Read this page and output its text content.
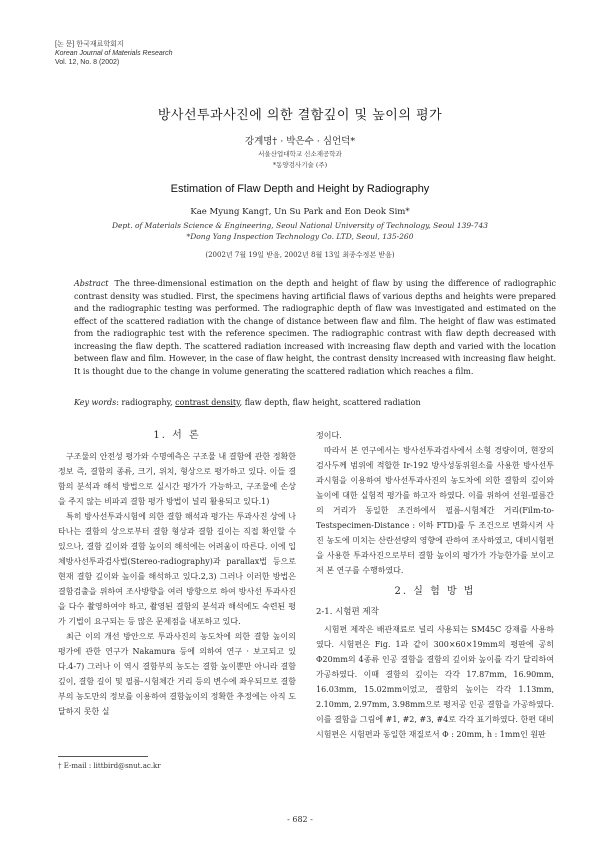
[논 문] 한국재료학회지
Korean Journal of Materials Research
Vol. 12, No. 8 (2002)
방사선투과사진에 의한 결함깊이 및 높이의 평가
강계명† · 박은수 · 심언덕*
서울산업대학교 신소재공학과
*동양검사기술 (주)
Estimation of Flaw Depth and Height by Radiography
Kae Myung Kang†, Un Su Park and Eon Deok Sim*
Dept. of Materials Science & Engineering, Seoul National University of Technology, Seoul 139-743
*Dong Yang Inspection Technology Co. LTD, Seoul, 135-260
(2002년 7월 19일 받음, 2002년 8월 13일 최종수정본 받음)
Abstract The three-dimensional estimation on the depth and height of flaw by using the difference of radiographic contrast density was studied. First, the specimens having artificial flaws of various depths and heights were prepared and the radiographic testing was performed. The radiographic depth of flaw was investigated and estimated on the effect of the scattered radiation with the change of distance between flaw and film. The height of flaw was estimated from the radiographic test with the reference specimen. The radiographic contrast with flaw depth decreased with increasing the flaw depth. The scattered radiation increased with increasing flaw depth and varied with the location between flaw and film. However, in the case of flaw height, the contrast density increased with increasing flaw height. It is thought due to the change in volume generating the scattered radiation which reaches a film.
Key words: radiography, contrast density, flaw depth, flaw height, scattered radiation
1. 서 론

구조물의 안전성 평가와 수명예측은 구조물 내 결함에 관한 정확한 정보 즉, 결함의 종류, 크기, 위치, 형상으로 평가하고 있다. 이들 결함의 분석과 해석 방법으로 실시간 평가가 가능하고, 구조물에 손상을 주지 않는 비파괴 결함 평가 방법이 널리 활용되고 있다.1)

특히 방사선투과시험에 의한 결함 해석과 평가는 투과사진 상에 나타나는 결함의 상으로부터 결함 형상과 결함 길이는 직접 확인할 수 있으나, 결함 깊이와 결함 높이의 해석에는 어려움이 따른다. 이에 입체방사선투과검사법(Stereo-radiography)과 parallax법 등으로 현재 결함 깊이와 높이를 해석하고 있다.2,3) 그러나 이러한 방법은 결함검출을 위하여 조사방향을 여러 방향으로 하여 방사선 투과사진을 다수 촬영하여야 하고, 촬영된 결함의 분석과 해석에도 숙련된 평가 기법이 요구되는 등 많은 문제점을 내포하고 있다.

최근 이의 개선 방안으로 투과사진의 농도차에 의한 결함 높이의 평가에 관한 연구가 Nakamura 등에 의하여 연구 · 보고되고 있다.4-7) 그러나 이 역시 결함부의 농도는 결함 높이뿐만 아니라 결함 깊이, 결함 길이 및 필름-시험체간 거리 등의 변수에 좌우되므로 결함부의 농도만의 정보를 이용하여 결함높이의 정확한 추정에는 아직 도달하지 못한 실

정이다.

따라서 본 연구에서는 방사선투과검사에서 소형 경량이며, 현장의 검사두께 범위에 적합한 Ir-192 방사성동위원소를 사용한 방사선투과시험을 이용하여 방사선투과사진의 농도차에 의한 결함의 깊이와 높이에 대한 실험적 평가를 하고자 하였다. 이를 위하여 선원-필름간의 거리가 동일한 조건하에서 필름-시험체간 거리(Film-to-Testspecimen-Distance : 이하 FTD)를 두 조건으로 변화시켜 사진 농도에 미치는 산란선량의 영향에 관하여 조사하였고, 대비시험편을 사용한 투과사진으로부터 결함 높이의 평가가 가능한가를 보이고저 본 연구를 수행하였다.

2. 실 험 방 법
2-1. 시험편 제작

시험편 제작은 배관재료로 널리 사용되는 SM45C 강재를 사용하였다. 시험편은 Fig. 1과 같이 300×60×19mm의 평판에 공히 Φ20mm의 4종류 인공 결함을 결함의 깊이와 높이를 각기 달리하여 가공하였다. 이때 결함의 깊이는 각각 17.87mm, 16.90mm, 16.03mm, 15.02mm이었고, 결함의 높이는 각각 1.13mm, 2.10mm, 2.97mm, 3.98mm으로 평저공 인공 결함을 가공하였다. 이를 결함을 그림에 #1, #2, #3, #4로 각각 표기하였다. 한편 대비시험편은 시험편과 동일한 재질로서 Φ : 20mm, h : 1mm인 원판

† E-mail : littbird@snut.ac.kr
- 682 -
